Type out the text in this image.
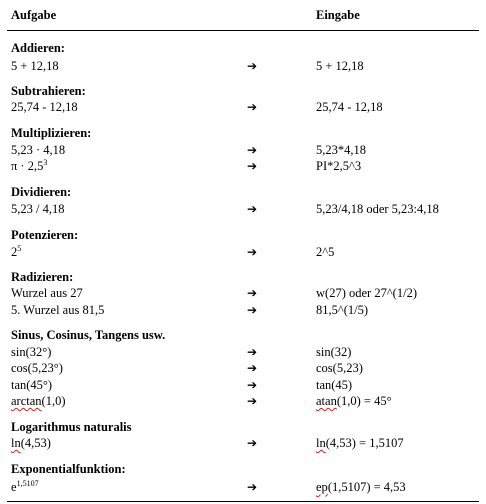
Aufgabe	Eingabe
Addieren:
5 + 12,18	➔	5 + 12,18
Subtrahieren:
25,74 - 12,18	➔	25,74 - 12,18
Multiplizieren:
5,23 · 4,18	➔	5,23*4,18
$\pi \cdot 2,5^3$	➔	PI*2,5^3
Dividieren:
5,23 / 4,18	➔	5,23/4,18 oder 5,23:4,18
Potenzieren:
$2^5$	➔	2^5
Radizieren:
Wurzel aus 27	➔	w(27) oder 27^(1/2)
5. Wurzel aus 81,5	➔	81,5^(1/5)
Sinus, Cosinus, Tangens usw.
sin(32°)	➔	sin(32)
cos(5,23°)	➔	cos(5,23)
tan(45°)	➔	tan(45)
arctan(1,0)	➔	atan(1,0) = 45°
Logarithmus naturalis
ln(4,53)	➔	ln(4,53) = 1,5107
Exponentialfunktion:
$e^{1,5107}$	➔	ep(1,5107) = 4,53
